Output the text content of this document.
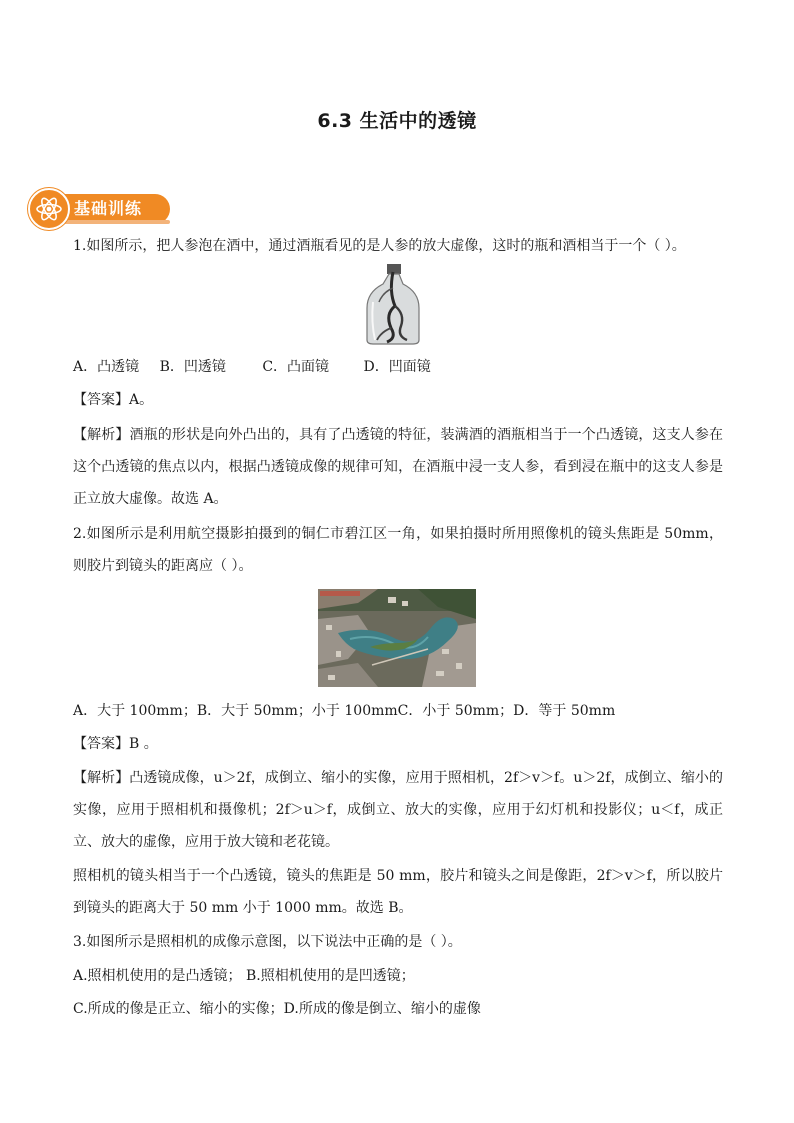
6.3 生活中的透镜
基础训练

1.如图所示，把人参泡在酒中，通过酒瓶看见的是人参的放大虚像，这时的瓶和酒相当于一个（ ）。

A．凸透镜 B．凹透镜	C．凸面镜 D．凹面镜

【答案】A。

【解析】酒瓶的形状是向外凸出的，具有了凸透镜的特征，装满酒的酒瓶相当于一个凸透镜，这支人参在这个凸透镜的焦点以内，根据凸透镜成像的规律可知，在酒瓶中浸一支人参，看到浸在瓶中的这支人参是正立放大虚像。故选 A。

2.如图所示是利用航空摄影拍摄到的铜仁市碧江区一角，如果拍摄时所用照像机的镜头焦距是 50mm，则胶片到镜头的距离应（ ）。

A．大于 100mm；B．大于 50mm；小于 100mmC．小于 50mm；D．等于 50mm

【答案】B 。

【解析】凸透镜成像，u＞2f，成倒立、缩小的实像，应用于照相机，2f＞v＞f。u＞2f，成倒立、缩小的实像，应用于照相机和摄像机；2f＞u＞f，成倒立、放大的实像，应用于幻灯机和投影仪；u＜f，成正立、放大的虚像，应用于放大镜和老花镜。

照相机的镜头相当于一个凸透镜，镜头的焦距是 50 mm，胶片和镜头之间是像距，2f＞v＞f，所以胶片到镜头的距离大于 50 mm 小于 1000 mm。故选 B。

3.如图所示是照相机的成像示意图，以下说法中正确的是（ ）。

A.照相机使用的是凸透镜； B.照相机使用的是凹透镜；

C.所成的像是正立、缩小的实像；D.所成的像是倒立、缩小的虚像
